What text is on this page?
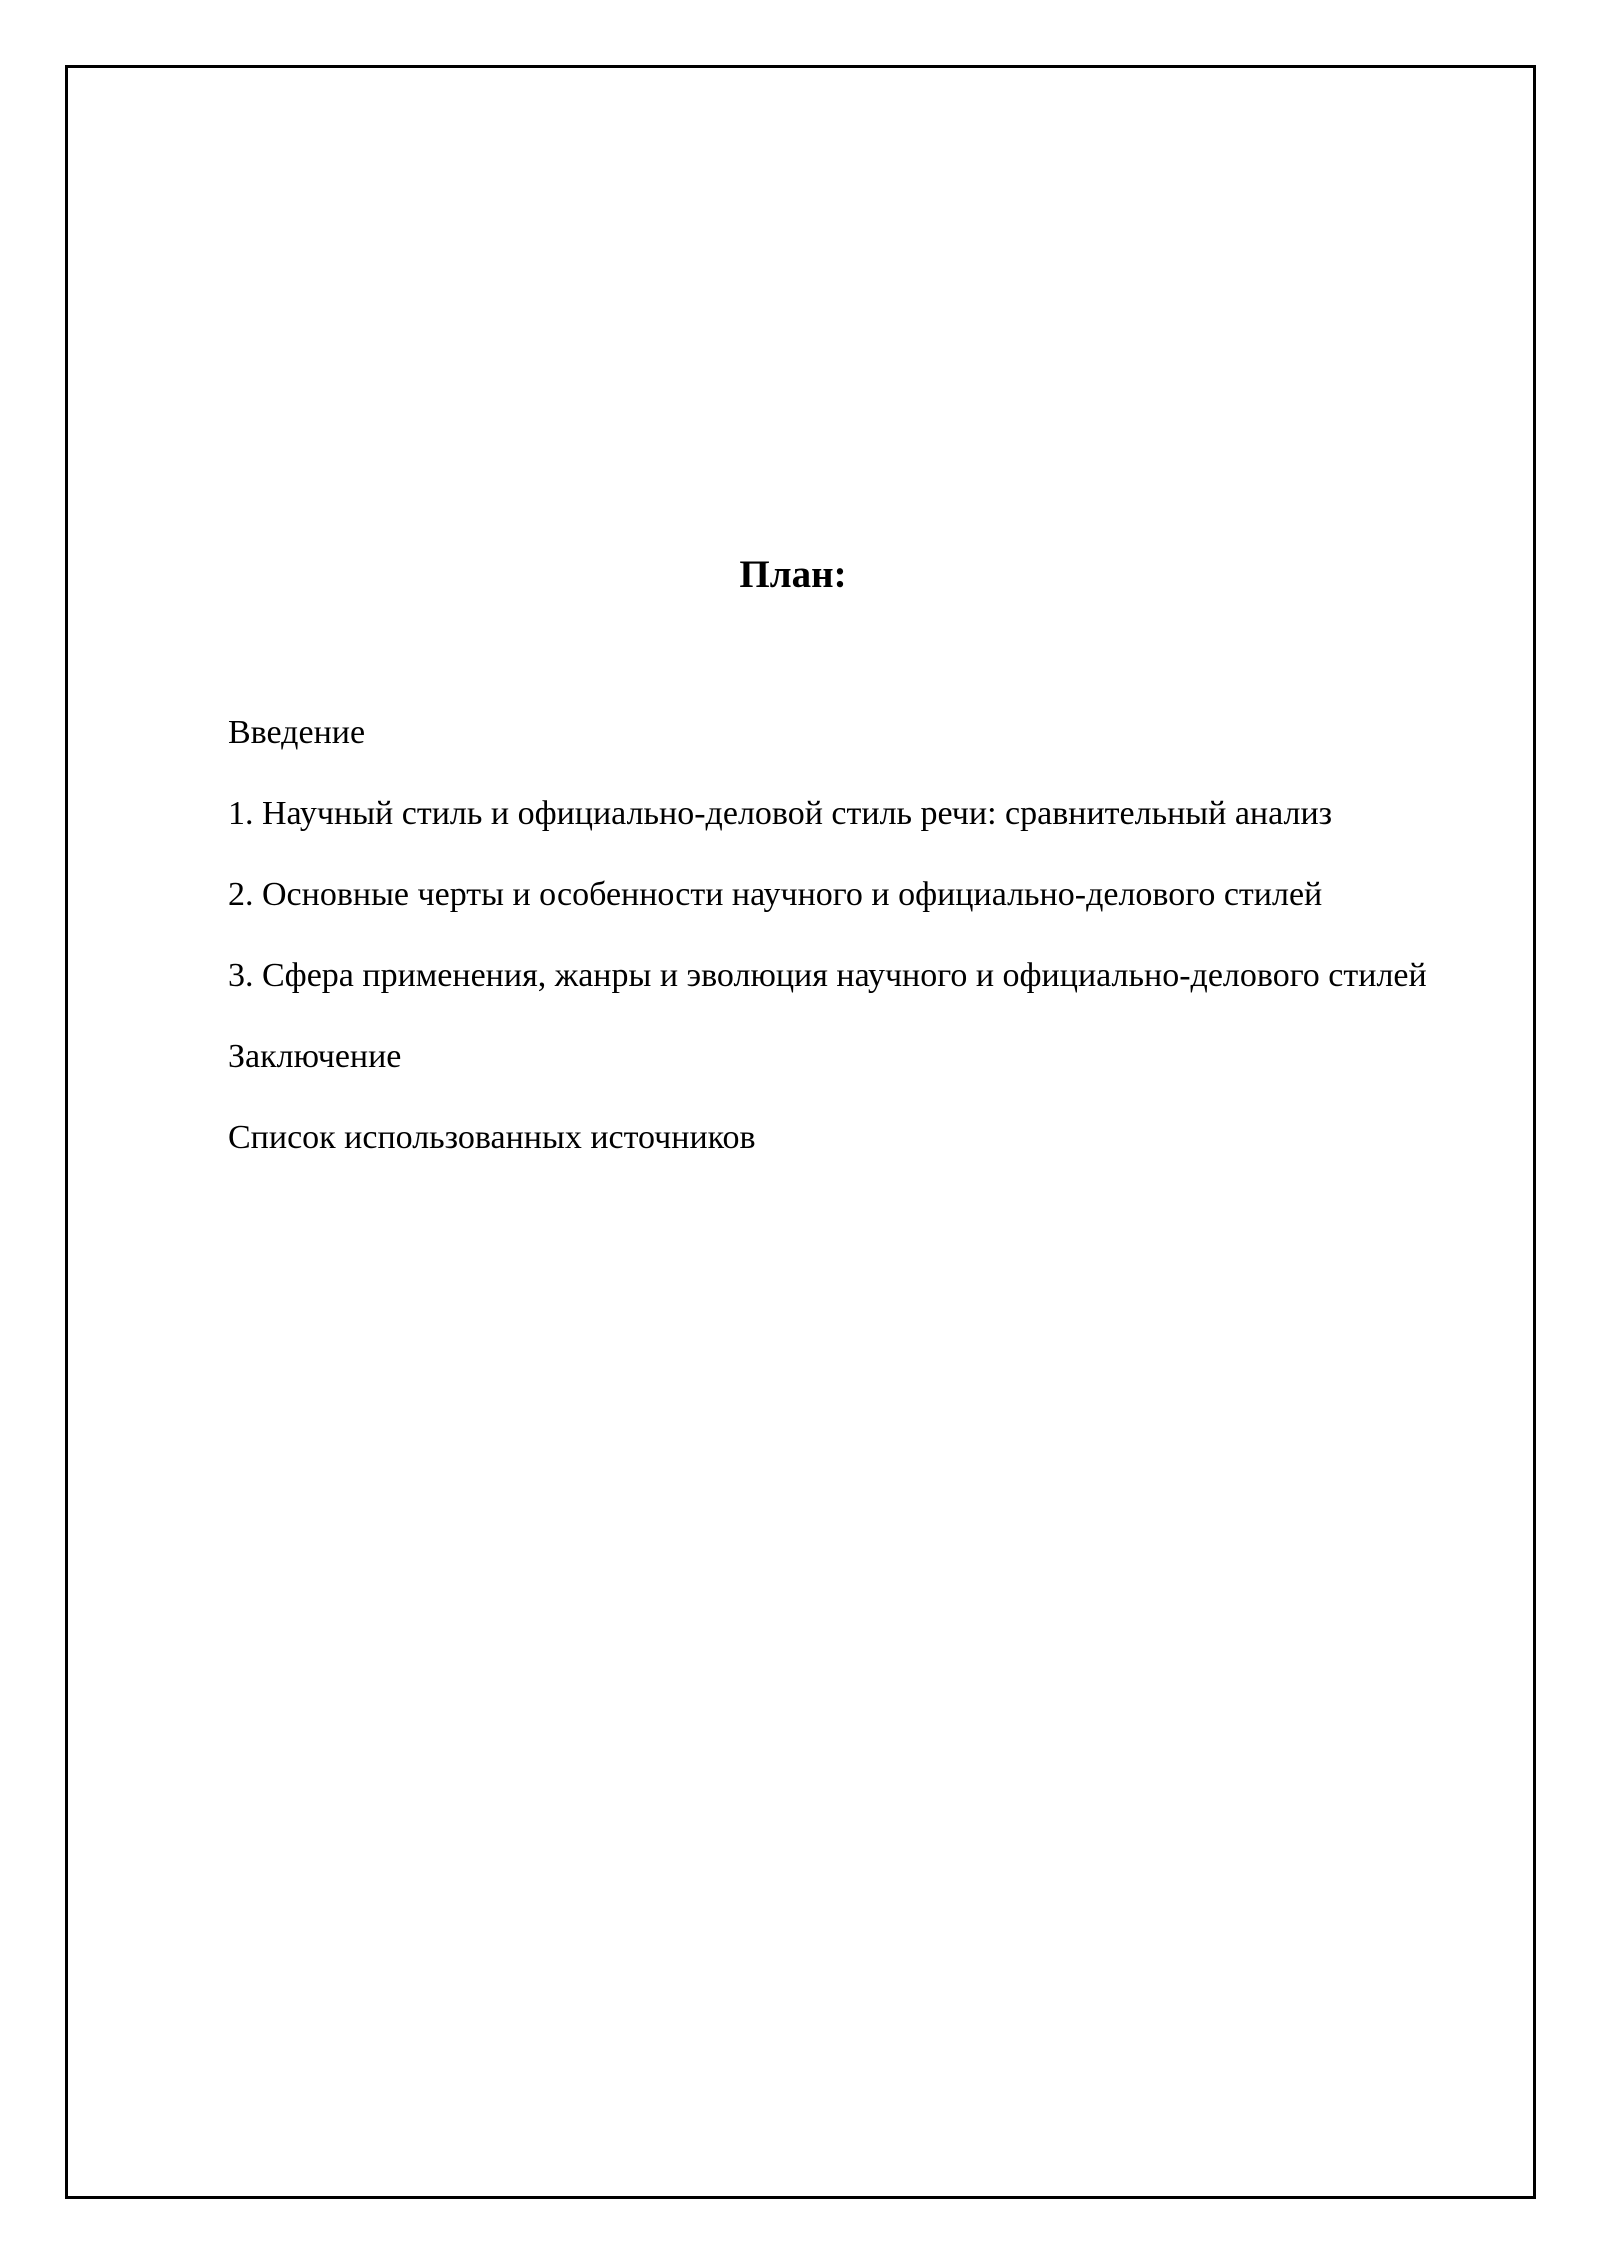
План:
Введение
1. Научный стиль и официально-деловой стиль речи: сравнительный анализ
2. Основные черты и особенности научного и официально-делового стилей
3. Сфера применения, жанры и эволюция научного и официально-делового стилей
Заключение
Список использованных источников
